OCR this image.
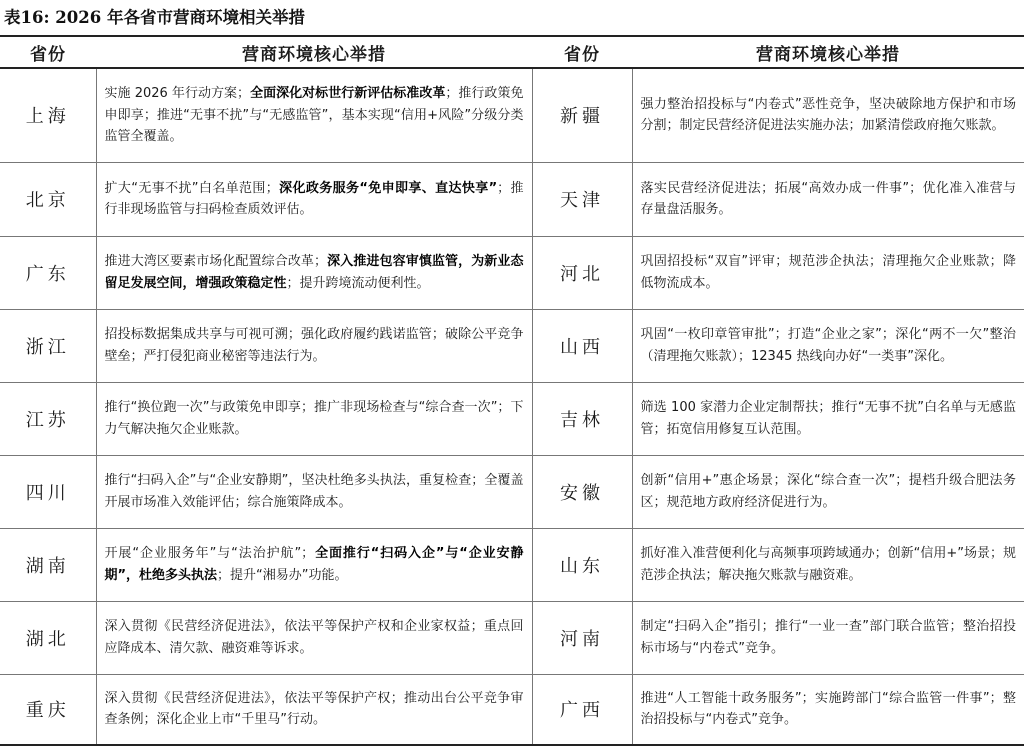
表16: 2026 年各省市营商环境相关举措
省份	营商环境核心举措	省份	营商环境核心举措
上海	实施 2026 年行动方案；全面深化对标世行新评估标准改革；推行政策免申即享；推进“无事不扰”与“无感监管”，基本实现“信用+风险”分级分类监管全覆盖。	新疆	强力整治招投标与“内卷式”恶性竞争，坚决破除地方保护和市场分割；制定民营经济促进法实施办法；加紧清偿政府拖欠账款。
北京	扩大“无事不扰”白名单范围；深化政务服务“免申即享、直达快享”；推行非现场监管与扫码检查质效评估。	天津	落实民营经济促进法；拓展“高效办成一件事”；优化准入准营与存量盘活服务。
广东	推进大湾区要素市场化配置综合改革；深入推进包容审慎监管，为新业态留足发展空间，增强政策稳定性；提升跨境流动便利性。	河北	巩固招投标“双盲”评审；规范涉企执法；清理拖欠企业账款；降低物流成本。
浙江	招投标数据集成共享与可视可溯；强化政府履约践诺监管；破除公平竞争壁垒；严打侵犯商业秘密等违法行为。	山西	巩固“一枚印章管审批”；打造“企业之家”；深化“两不一欠”整治（清理拖欠账款）；12345 热线向办好“一类事”深化。
江苏	推行“换位跑一次”与政策免申即享；推广非现场检查与“综合查一次”；下力气解决拖欠企业账款。	吉林	筛选 100 家潜力企业定制帮扶；推行“无事不扰”白名单与无感监管；拓宽信用修复互认范围。
四川	推行“扫码入企”与“企业安静期”，坚决杜绝多头执法，重复检查；全覆盖开展市场准入效能评估；综合施策降成本。	安徽	创新“信用+”惠企场景；深化“综合查一次”；提档升级合肥法务区；规范地方政府经济促进行为。
湖南	开展“企业服务年”与“法治护航”；全面推行“扫码入企”与“企业安静期”，杜绝多头执法；提升“湘易办”功能。	山东	抓好准入准营便利化与高频事项跨域通办；创新“信用+”场景；规范涉企执法；解决拖欠账款与融资难。
湖北	深入贯彻《民营经济促进法》，依法平等保护产权和企业家权益；重点回应降成本、清欠款、融资难等诉求。	河南	制定“扫码入企”指引；推行“一业一查”部门联合监管；整治招投标市场与“内卷式”竞争。
重庆	深入贯彻《民营经济促进法》，依法平等保护产权；推动出台公平竞争审查条例；深化企业上市“千里马”行动。	广西	推进“人工智能十政务服务”；实施跨部门“综合监管一件事”；整治招投标与“内卷式”竞争。
